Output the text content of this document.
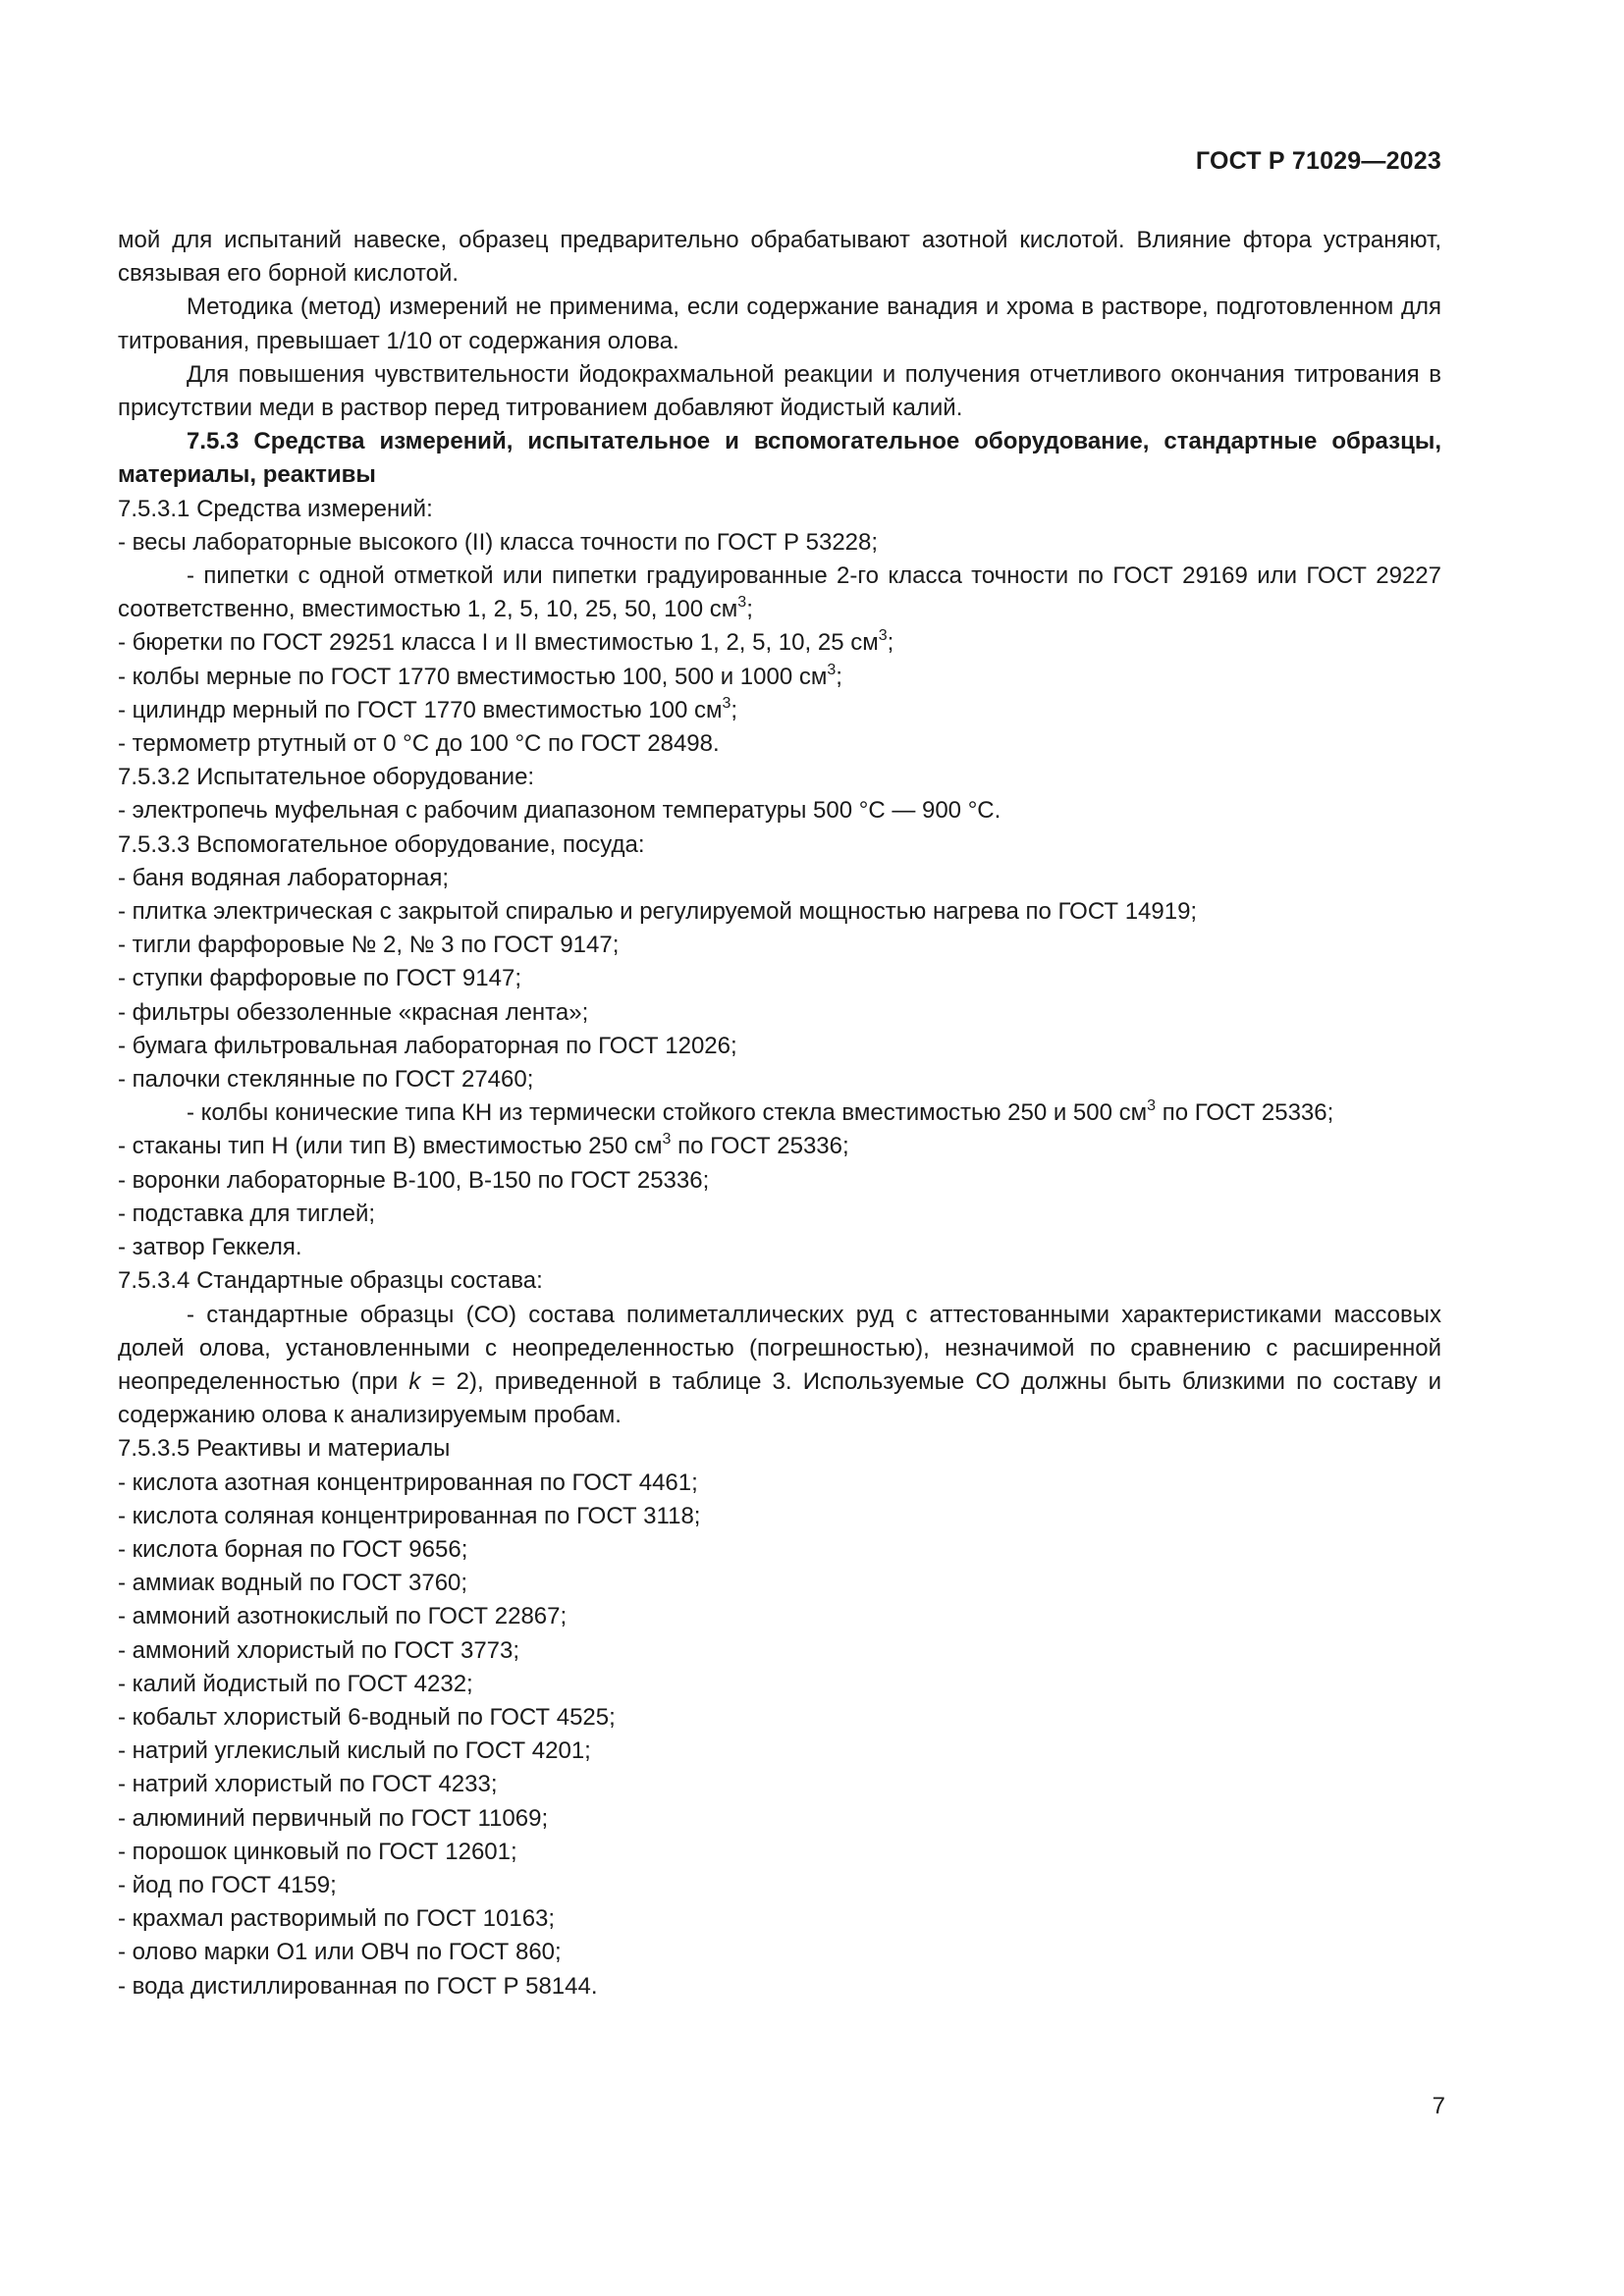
ГОСТ Р 71029—2023

мой для испытаний навеске, образец предварительно обрабатывают азотной кислотой. Влияние фтора устраняют, связывая его борной кислотой.

Методика (метод) измерений не применима, если содержание ванадия и хрома в растворе, подготовленном для титрования, превышает 1/10 от содержания олова.

Для повышения чувствительности йодокрахмальной реакции и получения отчетливого окончания титрования в присутствии меди в раствор перед титрованием добавляют йодистый калий.

7.5.3 Средства измерений, испытательное и вспомогательное оборудование, стандартные образцы, материалы, реактивы

7.5.3.1 Средства измерений:

- весы лабораторные высокого (II) класса точности по ГОСТ Р 53228;

- пипетки с одной отметкой или пипетки градуированные 2-го класса точности по ГОСТ 29169 или ГОСТ 29227 соответственно, вместимостью 1, 2, 5, 10, 25, 50, 100 $см^3$;

- бюретки по ГОСТ 29251 класса I и II вместимостью 1, 2, 5, 10, 25 $см^3$;

- колбы мерные по ГОСТ 1770 вместимостью 100, 500 и 1000 $см^3$;

- цилиндр мерный по ГОСТ 1770 вместимостью 100 $см^3$;

- термометр ртутный от 0 °C до 100 °C по ГОСТ 28498.

7.5.3.2 Испытательное оборудование:

- электропечь муфельная с рабочим диапазоном температуры 500 °C — 900 °C.

7.5.3.3 Вспомогательное оборудование, посуда:

- баня водяная лабораторная;

- плитка электрическая с закрытой спиралью и регулируемой мощностью нагрева по ГОСТ 14919;

- тигли фарфоровые № 2, № 3 по ГОСТ 9147;

- ступки фарфоровые по ГОСТ 9147;

- фильтры обеззоленные «красная лента»;

- бумага фильтровальная лабораторная по ГОСТ 12026;

- палочки стеклянные по ГОСТ 27460;

- колбы конические типа КН из термически стойкого стекла вместимостью 250 и 500 $см^3$ по ГОСТ 25336;

- стаканы тип Н (или тип В) вместимостью 250 $см^3$ по ГОСТ 25336;

- воронки лабораторные В-100, В-150 по ГОСТ 25336;

- подставка для тиглей;

- затвор Геккеля.

7.5.3.4 Стандартные образцы состава:

- стандартные образцы (СО) состава полиметаллических руд с аттестованными характеристиками массовых долей олова, установленными с неопределенностью (погрешностью), незначимой по сравнению с расширенной неопределенностью (при k = 2), приведенной в таблице 3. Используемые СО должны быть близкими по составу и содержанию олова к анализируемым пробам.

7.5.3.5 Реактивы и материалы

- кислота азотная концентрированная по ГОСТ 4461;

- кислота соляная концентрированная по ГОСТ 3118;

- кислота борная по ГОСТ 9656;

- аммиак водный по ГОСТ 3760;

- аммоний азотнокислый по ГОСТ 22867;

- аммоний хлористый по ГОСТ 3773;

- калий йодистый по ГОСТ 4232;

- кобальт хлористый 6-водный по ГОСТ 4525;

- натрий углекислый кислый по ГОСТ 4201;

- натрий хлористый по ГОСТ 4233;

- алюминий первичный по ГОСТ 11069;

- порошок цинковый по ГОСТ 12601;

- йод по ГОСТ 4159;

- крахмал растворимый по ГОСТ 10163;

- олово марки О1 или ОВЧ по ГОСТ 860;

- вода дистиллированная по ГОСТ Р 58144.

7
